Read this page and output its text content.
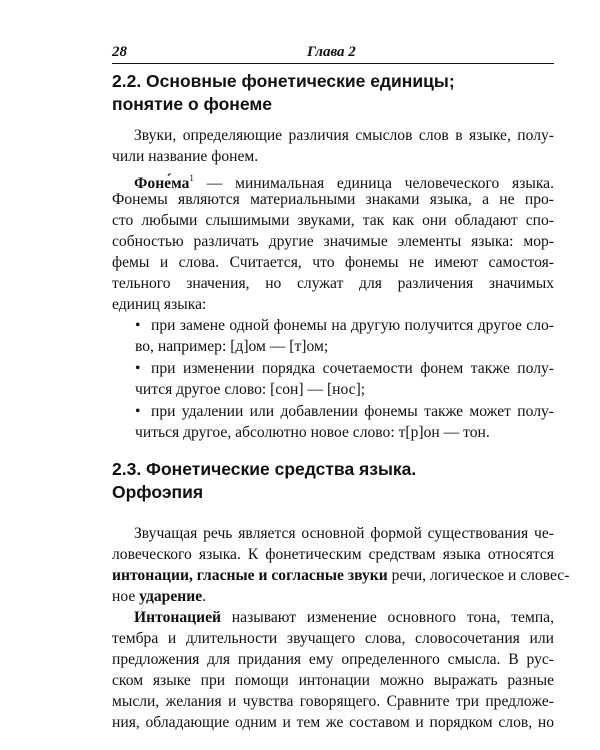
28	Глава 2
2.2. Основные фонетические единицы;
понятие о фонеме
Звуки, определяющие различия смыслов слов в языке, полу-
чили название фонем.
$Фоне́ма^1$ — минимальная единица человеческого языка.
Фонемы являются материальными знаками языка, а не про-
сто любыми слышимыми звуками, так как они обладают спо-
собностью различать другие значимые элементы языка: мор-
фемы и слова. Считается, что фонемы не имеют самостоя-
тельного значения, но служат для различения значимых
единиц языка:
• при замене одной фонемы на другую получится другое сло-
во, например: [д]ом — [т]ом;
• при изменении порядка сочетаемости фонем также полу-
чится другое слово: [сон] — [нос];
• при удалении или добавлении фонемы также может полу-
читься другое, абсолютно новое слово: т[р]он — тон.
2.3. Фонетические средства языка.
Орфоэпия
Звучащая речь является основной формой существования че-
ловеческого языка. К фонетическим средствам языка относятся
интонации, гласные и согласные звуки речи, логическое и словес-
ное ударение.
Интонацией называют изменение основного тона, темпа,
тембра и длительности звучащего слова, словосочетания или
предложения для придания ему определенного смысла. В рус-
ском языке при помощи интонации можно выражать разные
мысли, желания и чувства говорящего. Сравните три предложе-
ния, обладающие одним и тем же составом и порядком слов, но
